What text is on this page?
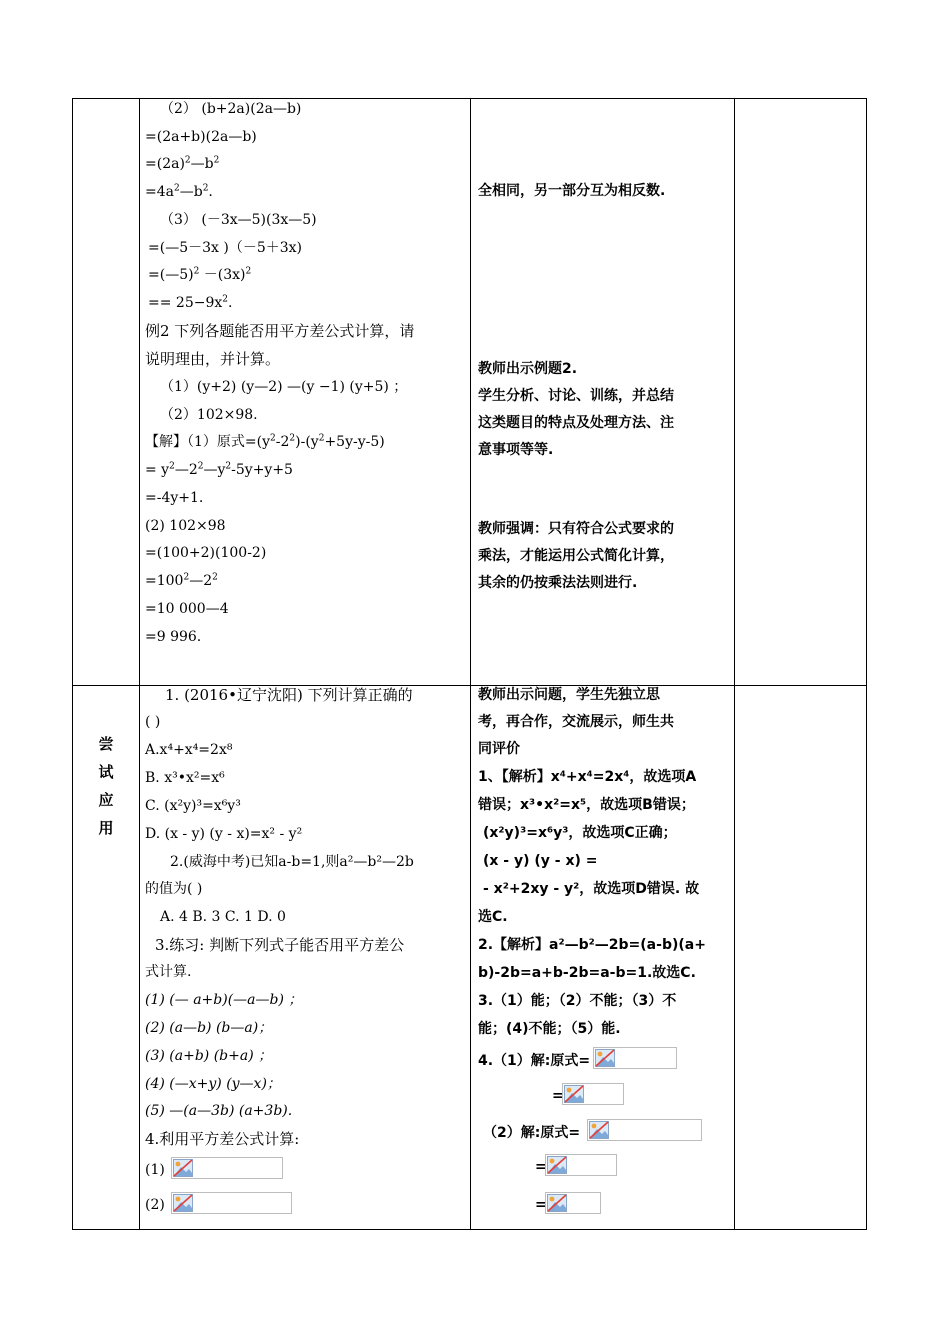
尝
试
应
用
（2） (b+2a)(2a—b)
=(2a+b)(2a—b)
$=(2a)^2—b^2$
$=4a^2—b^2$.
（3） (－3x—5)(3x—5)
=(—5－3x )（－5＋3x)
=(—5)$^2$ $-(3x)^2$
== $25-9x^2$.
例2 下列各题能否用平方差公式计算，请
说明理由，并计算。
（1）(y+2) (y—2) —(y −1) (y+5) ；
（2）102×98.
【解】（1）原式$=(y^2-2^2)-(y^2+5y-y-5)$
= $y^2—2^2—y^2-5y+y+5$
=-4y+1.
(2) 102×98
=(100+2)(100-2)
$=100^2—2^2$
=10 000—4
=9 996.
全相同，另一部分互为相反数.
教师出示例题2.
学生分析、讨论、训练，并总结
这类题目的特点及处理方法、注
意事项等等.
教师强调：只有符合公式要求的
乘法，才能运用公式简化计算，
其余的仍按乘法法则进行.
1. (2016•辽宁沈阳) 下列计算正确的
( )
A.x⁴+x⁴=2x⁸
B. x³•x²=x⁶
C. (x²y)³=x⁶y³
D. (x - y) (y - x)=x² - y²
2.(威海中考)已知a-b=1,则a²—b²—2b
的值为( )
A. 4 B. 3 C. 1 D. 0
3.练习: 判断下列式子能否用平方差公
式计算.
(1) (— a+b)(—a—b) ；
(2) (a—b) (b—a)；
(3) (a+b) (b+a) ；
(4) (—x+y) (y—x)；
(5) —(a—3b) (a+3b).
4.利用平方差公式计算:
(1)
(2)
教师出示问题，学生先独立思
考，再合作，交流展示，师生共
同评价
1、【解析】x⁴+x⁴=2x⁴，故选项A
错误；x³•x²=x⁵，故选项B错误；
(x²y)³=x⁶y³，故选项C正确；
(x - y) (y - x) =
- x²+2xy - y²，故选项D错误. 故
选C.
2.【解析】a²—b²—2b=(a-b)(a+
b)-2b=a+b-2b=a-b=1.故选C.
3.（1）能；（2）不能；（3）不
能；(4)不能；（5）能.
4.（1）解:原式=
=
（2）解:原式=
=
=
